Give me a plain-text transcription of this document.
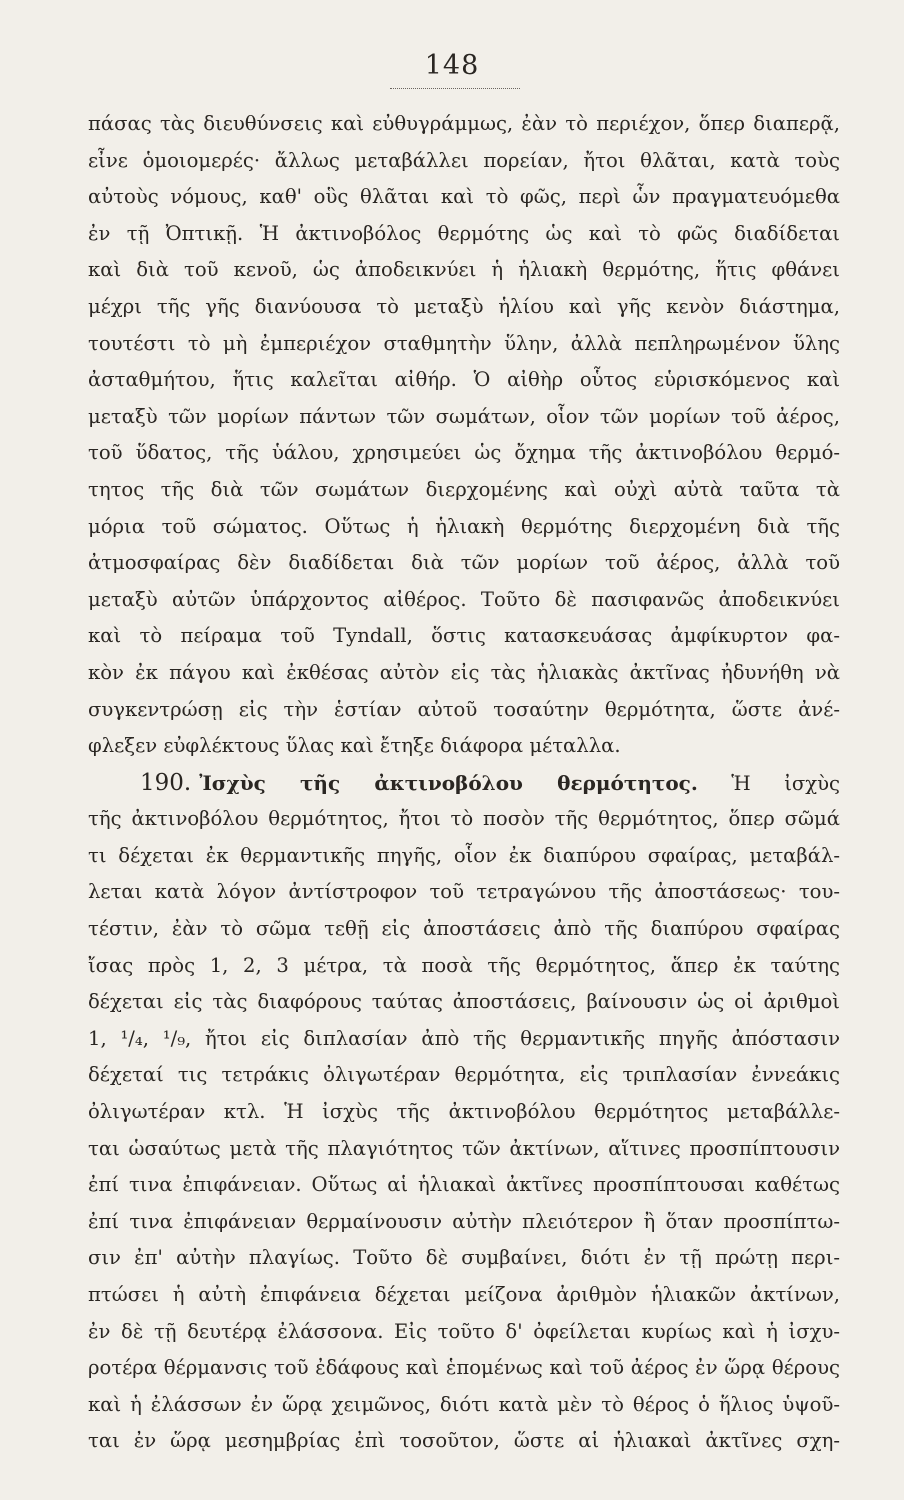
148
πάσας τὰς διευθύνσεις καὶ εὐθυγράμμως, ἐὰν τὸ περιέχον, ὅπερ διαπερᾷ,
εἶνε ὁμοιομερές· ἄλλως μεταβάλλει πορείαν, ἤτοι θλᾶται, κατὰ τοὺς
αὐτοὺς νόμους, καθ' οὓς θλᾶται καὶ τὸ φῶς, περὶ ὧν πραγματευόμεθα
ἐν τῇ Ὀπτικῇ. Ἡ ἀκτινοβόλος θερμότης ὡς καὶ τὸ φῶς διαδίδεται
καὶ διὰ τοῦ κενοῦ, ὡς ἀποδεικνύει ἡ ἡλιακὴ θερμότης, ἥτις φθάνει
μέχρι τῆς γῆς διανύουσα τὸ μεταξὺ ἡλίου καὶ γῆς κενὸν διάστημα,
τουτέστι τὸ μὴ ἐμπεριέχον σταθμητὴν ὕλην, ἀλλὰ πεπληρωμένον ὕλης
ἀσταθμήτου, ἥτις καλεῖται αἰθήρ. Ὁ αἰθὴρ οὗτος εὑρισκόμενος καὶ
μεταξὺ τῶν μορίων πάντων τῶν σωμάτων, οἷον τῶν μορίων τοῦ ἀέρος,
τοῦ ὕδατος, τῆς ὑάλου, χρησιμεύει ὡς ὄχημα τῆς ἀκτινοβόλου θερμό-
τητος τῆς διὰ τῶν σωμάτων διερχομένης καὶ οὐχὶ αὐτὰ ταῦτα τὰ
μόρια τοῦ σώματος. Οὕτως ἡ ἡλιακὴ θερμότης διερχομένη διὰ τῆς
ἀτμοσφαίρας δὲν διαδίδεται διὰ τῶν μορίων τοῦ ἀέρος, ἀλλὰ τοῦ
μεταξὺ αὐτῶν ὑπάρχοντος αἰθέρος. Τοῦτο δὲ πασιφανῶς ἀποδεικνύει
καὶ τὸ πείραμα τοῦ Tyndall, ὅστις κατασκευάσας ἀμφίκυρτον φα-
κὸν ἐκ πάγου καὶ ἐκθέσας αὐτὸν εἰς τὰς ἡλιακὰς ἀκτῖνας ἠδυνήθη νὰ
συγκεντρώσῃ εἰς τὴν ἑστίαν αὐτοῦ τοσαύτην θερμότητα, ὥστε ἀνέ-
φλεξεν εὐφλέκτους ὕλας καὶ ἔτηξε διάφορα μέταλλα.
190. Ἰσχὺς τῆς ἀκτινοβόλου θερμότητος. Ἡ ἰσχὺς
τῆς ἀκτινοβόλου θερμότητος, ἤτοι τὸ ποσὸν τῆς θερμότητος, ὅπερ σῶμά
τι δέχεται ἐκ θερμαντικῆς πηγῆς, οἷον ἐκ διαπύρου σφαίρας, μεταβάλ-
λεται κατὰ λόγον ἀντίστροφον τοῦ τετραγώνου τῆς ἀποστάσεως· του-
τέστιν, ἐὰν τὸ σῶμα τεθῇ εἰς ἀποστάσεις ἀπὸ τῆς διαπύρου σφαίρας
ἴσας πρὸς 1, 2, 3 μέτρα, τὰ ποσὰ τῆς θερμότητος, ἅπερ ἐκ ταύτης
δέχεται εἰς τὰς διαφόρους ταύτας ἀποστάσεις, βαίνουσιν ὡς οἱ ἀριθμοὶ
1, ¹/₄, ¹/₉, ἤτοι εἰς διπλασίαν ἀπὸ τῆς θερμαντικῆς πηγῆς ἀπόστασιν
δέχεταί τις τετράκις ὀλιγωτέραν θερμότητα, εἰς τριπλασίαν ἐννεάκις
ὀλιγωτέραν κτλ. Ἡ ἰσχὺς τῆς ἀκτινοβόλου θερμότητος μεταβάλλε-
ται ὡσαύτως μετὰ τῆς πλαγιότητος τῶν ἀκτίνων, αἵτινες προσπίπτουσιν
ἐπί τινα ἐπιφάνειαν. Οὕτως αἱ ἡλιακαὶ ἀκτῖνες προσπίπτουσαι καθέτως
ἐπί τινα ἐπιφάνειαν θερμαίνουσιν αὐτὴν πλειότερον ἢ ὅταν προσπίπτω-
σιν ἐπ' αὐτὴν πλαγίως. Τοῦτο δὲ συμβαίνει, διότι ἐν τῇ πρώτῃ περι-
πτώσει ἡ αὐτὴ ἐπιφάνεια δέχεται μείζονα ἀριθμὸν ἡλιακῶν ἀκτίνων,
ἐν δὲ τῇ δευτέρᾳ ἐλάσσονα. Εἰς τοῦτο δ' ὀφείλεται κυρίως καὶ ἡ ἰσχυ-
ροτέρα θέρμανσις τοῦ ἐδάφους καὶ ἑπομένως καὶ τοῦ ἀέρος ἐν ὥρᾳ θέρους
καὶ ἡ ἐλάσσων ἐν ὥρᾳ χειμῶνος, διότι κατὰ μὲν τὸ θέρος ὁ ἥλιος ὑψοῦ-
ται ἐν ὥρᾳ μεσημβρίας ἐπὶ τοσοῦτον, ὥστε αἱ ἡλιακαὶ ἀκτῖνες σχη-
